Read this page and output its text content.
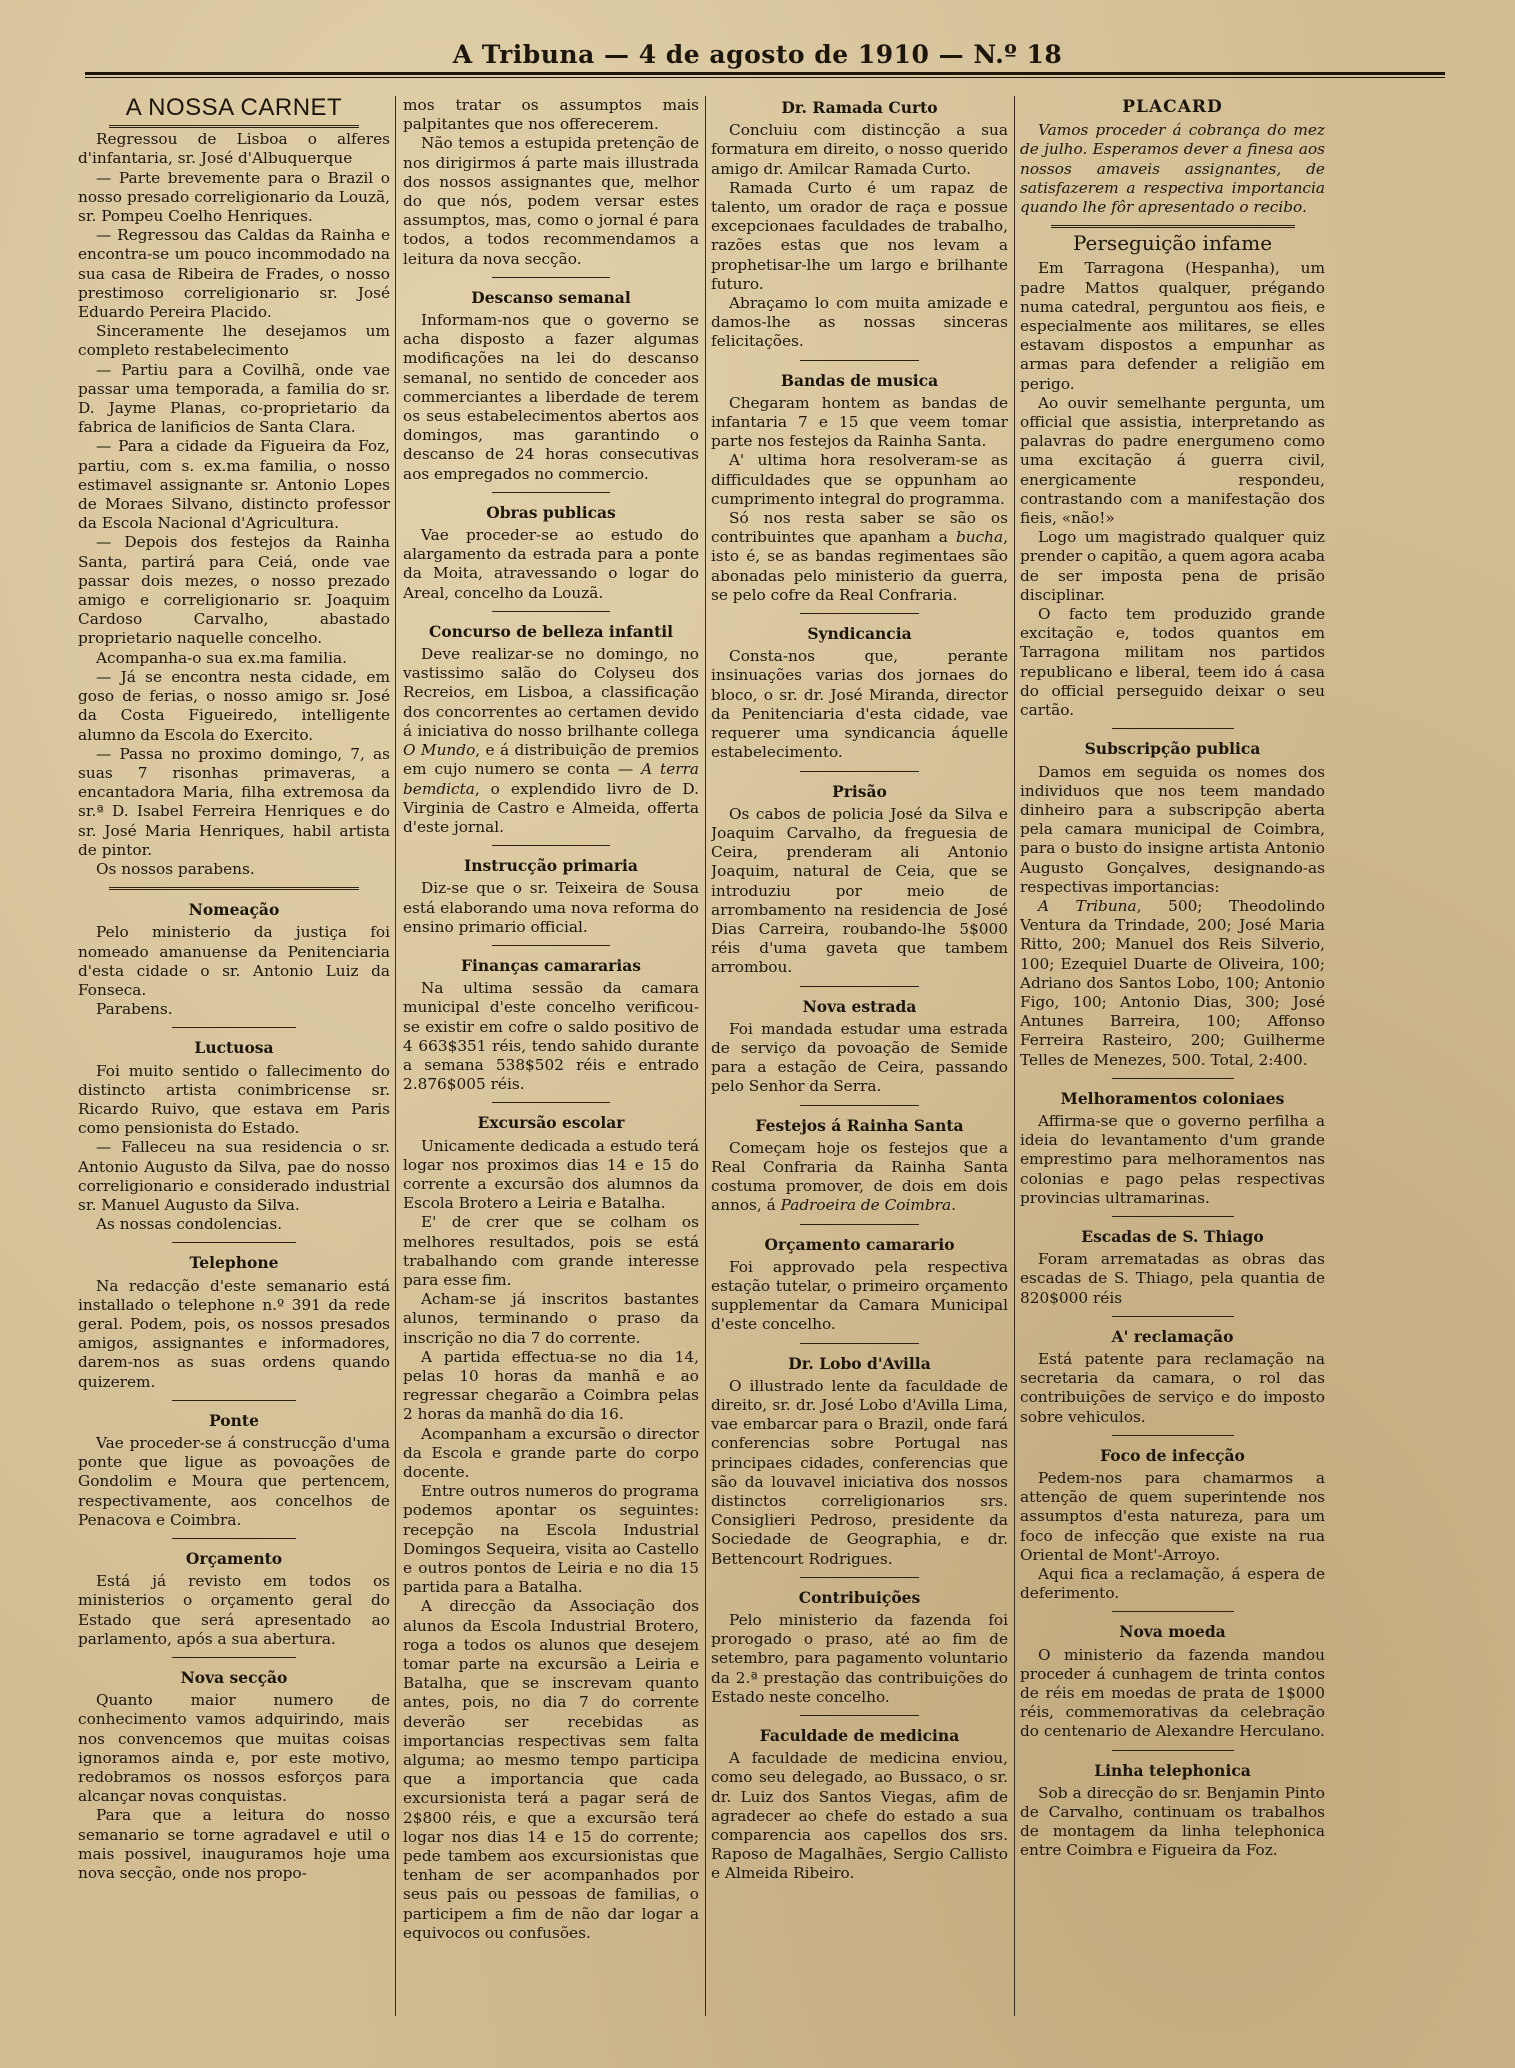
A Tribuna — 4 de agosto de 1910 — N.º 18
A NOSSA CARNET

Regressou de Lisboa o alferes d'infantaria, sr. José d'Albuquerque

— Parte brevemente para o Brazil o nosso presado correligionario da Louzã, sr. Pompeu Coelho Henriques.

— Regressou das Caldas da Rainha e encontra-se um pouco incommodado na sua casa de Ribeira de Frades, o nosso prestimoso correligionario sr. José Eduardo Pereira Placido.

Sinceramente lhe desejamos um completo restabelecimento

— Partiu para a Covilhã, onde vae passar uma temporada, a familia do sr. D. Jayme Planas, co-proprietario da fabrica de lanificios de Santa Clara.

— Para a cidade da Figueira da Foz, partiu, com s. ex.ma familia, o nosso estimavel assignante sr. Antonio Lopes de Moraes Silvano, distincto professor da Escola Nacional d'Agricultura.

— Depois dos festejos da Rainha Santa, partirá para Ceiá, onde vae passar dois mezes, o nosso prezado amigo e correligionario sr. Joaquim Cardoso Carvalho, abastado proprietario naquelle concelho.

Acompanha-o sua ex.ma familia.

— Já se encontra nesta cidade, em goso de ferias, o nosso amigo sr. José da Costa Figueiredo, intelligente alumno da Escola do Exercito.

— Passa no proximo domingo, 7, as suas 7 risonhas primaveras, a encantadora Maria, filha extremosa da sr.ª D. Isabel Ferreira Henriques e do sr. José Maria Henriques, habil artista de pintor.

Os nossos parabens.

Nomeação

Pelo ministerio da justiça foi nomeado amanuense da Penitenciaria d'esta cidade o sr. Antonio Luiz da Fonseca.

Parabens.

Luctuosa

Foi muito sentido o fallecimento do distincto artista conimbricense sr. Ricardo Ruivo, que estava em Paris como pensionista do Estado.

— Falleceu na sua residencia o sr. Antonio Augusto da Silva, pae do nosso correligionario e considerado industrial sr. Manuel Augusto da Silva.

As nossas condolencias.

Telephone

Na redacção d'este semanario está installado o telephone n.º 391 da rede geral. Podem, pois, os nossos presados amigos, assignantes e informadores, darem-nos as suas ordens quando quizerem.

Ponte

Vae proceder-se á construcção d'uma ponte que ligue as povoações de Gondolim e Moura que pertencem, respectivamente, aos concelhos de Penacova e Coimbra.

Orçamento

Está já revisto em todos os ministerios o orçamento geral do Estado que será apresentado ao parlamento, após a sua abertura.

Nova secção

Quanto maior numero de conhecimento vamos adquirindo, mais nos convencemos que muitas coisas ignoramos ainda e, por este motivo, redobramos os nossos esforços para alcançar novas conquistas.

Para que a leitura do nosso semanario se torne agradavel e util o mais possivel, inauguramos hoje uma nova secção, onde nos propo-

mos tratar os assumptos mais palpitantes que nos offerecerem.

Não temos a estupida pretenção de nos dirigirmos á parte mais illustrada dos nossos assignantes que, melhor do que nós, podem versar estes assumptos, mas, como o jornal é para todos, a todos recommendamos a leitura da nova secção.

Descanso semanal

Informam-nos que o governo se acha disposto a fazer algumas modificações na lei do descanso semanal, no sentido de conceder aos commerciantes a liberdade de terem os seus estabelecimentos abertos aos domingos, mas garantindo o descanso de 24 horas consecutivas aos empregados no commercio.

Obras publicas

Vae proceder-se ao estudo do alargamento da estrada para a ponte da Moita, atravessando o logar do Areal, concelho da Louzã.

Concurso de belleza infantil

Deve realizar-se no domingo, no vastissimo salão do Colyseu dos Recreios, em Lisboa, a classificação dos concorrentes ao certamen devido á iniciativa do nosso brilhante collega O Mundo, e á distribuição de premios em cujo numero se conta — A terra bemdicta, o explendido livro de D. Virginia de Castro e Almeida, offerta d'este jornal.

Instrucção primaria

Diz-se que o sr. Teixeira de Sousa está elaborando uma nova reforma do ensino primario official.

Finanças camararias

Na ultima sessão da camara municipal d'este concelho verificou-se existir em cofre o saldo positivo de 4 663$351 réis, tendo sahido durante a semana 538$502 réis e entrado 2.876$005 réis.

Excursão escolar

Unicamente dedicada a estudo terá logar nos proximos dias 14 e 15 do corrente a excursão dos alumnos da Escola Brotero a Leiria e Batalha.

E' de crer que se colham os melhores resultados, pois se está trabalhando com grande interesse para esse fim.

Acham-se já inscritos bastantes alunos, terminando o praso da inscrição no dia 7 do corrente.

A partida effectua-se no dia 14, pelas 10 horas da manhã e ao regressar chegarão a Coimbra pelas 2 horas da manhã do dia 16.

Acompanham a excursão o director da Escola e grande parte do corpo docente.

Entre outros numeros do programa podemos apontar os seguintes: recepção na Escola Industrial Domingos Sequeira, visita ao Castello e outros pontos de Leiria e no dia 15 partida para a Batalha.

A direcção da Associação dos alunos da Escola Industrial Brotero, roga a todos os alunos que desejem tomar parte na excursão a Leiria e Batalha, que se inscrevam quanto antes, pois, no dia 7 do corrente deverão ser recebidas as importancias respectivas sem falta alguma; ao mesmo tempo participa que a importancia que cada excursionista terá a pagar será de 2$800 réis, e que a excursão terá logar nos dias 14 e 15 do corrente; pede tambem aos excursionistas que tenham de ser acompanhados por seus pais ou pessoas de familias, o participem a fim de não dar logar a equivocos ou confusões.

Dr. Ramada Curto

Concluiu com distincção a sua formatura em direito, o nosso querido amigo dr. Amilcar Ramada Curto.

Ramada Curto é um rapaz de talento, um orador de raça e possue excepcionaes faculdades de trabalho, razões estas que nos levam a prophetisar-lhe um largo e brilhante futuro.

Abraçamo lo com muita amizade e damos-lhe as nossas sinceras felicitações.

Bandas de musica

Chegaram hontem as bandas de infantaria 7 e 15 que veem tomar parte nos festejos da Rainha Santa.

A' ultima hora resolveram-se as difficuldades que se oppunham ao cumprimento integral do programma.

Só nos resta saber se são os contribuintes que apanham a bucha, isto é, se as bandas regimentaes são abonadas pelo ministerio da guerra, se pelo cofre da Real Confraria.

Syndicancia

Consta-nos que, perante insinuações varias dos jornaes do bloco, o sr. dr. José Miranda, director da Penitenciaria d'esta cidade, vae requerer uma syndicancia áquelle estabelecimento.

Prisão

Os cabos de policia José da Silva e Joaquim Carvalho, da freguesia de Ceira, prenderam ali Antonio Joaquim, natural de Ceia, que se introduziu por meio de arrombamento na residencia de José Dias Carreira, roubando-lhe 5$000 réis d'uma gaveta que tambem arrombou.

Nova estrada

Foi mandada estudar uma estrada de serviço da povoação de Semide para a estação de Ceira, passando pelo Senhor da Serra.

Festejos á Rainha Santa

Começam hoje os festejos que a Real Confraria da Rainha Santa costuma promover, de dois em dois annos, á Padroeira de Coimbra.

Orçamento camarario

Foi approvado pela respectiva estação tutelar, o primeiro orçamento supplementar da Camara Municipal d'este concelho.

Dr. Lobo d'Avilla

O illustrado lente da faculdade de direito, sr. dr. José Lobo d'Avilla Lima, vae embarcar para o Brazil, onde fará conferencias sobre Portugal nas principaes cidades, conferencias que são da louvavel iniciativa dos nossos distinctos correligionarios srs. Consiglieri Pedroso, presidente da Sociedade de Geographia, e dr. Bettencourt Rodrigues.

Contribuições

Pelo ministerio da fazenda foi prorogado o praso, até ao fim de setembro, para pagamento voluntario da 2.ª prestação das contribuições do Estado neste concelho.

Faculdade de medicina

A faculdade de medicina enviou, como seu delegado, ao Bussaco, o sr. dr. Luiz dos Santos Viegas, afim de agradecer ao chefe do estado a sua comparencia aos capellos dos srs. Raposo de Magalhães, Sergio Callisto e Almeida Ribeiro.

PLACARD

Vamos proceder á cobrança do mez de julho. Esperamos dever a finesa aos nossos amaveis assignantes, de satisfazerem a respectiva importancia quando lhe fôr apresentado o recibo.

Perseguição infame

Em Tarragona (Hespanha), um padre Mattos qualquer, prégando numa catedral, perguntou aos fieis, e especialmente aos militares, se elles estavam dispostos a empunhar as armas para defender a religião em perigo.

Ao ouvir semelhante pergunta, um official que assistia, interpretando as palavras do padre energumeno como uma excitação á guerra civil, energicamente respondeu, contrastando com a manifestação dos fieis, «não!»

Logo um magistrado qualquer quiz prender o capitão, a quem agora acaba de ser imposta pena de prisão disciplinar.

O facto tem produzido grande excitação e, todos quantos em Tarragona militam nos partidos republicano e liberal, teem ido á casa do official perseguido deixar o seu cartão.

Subscripção publica

Damos em seguida os nomes dos individuos que nos teem mandado dinheiro para a subscripção aberta pela camara municipal de Coimbra, para o busto do insigne artista Antonio Augusto Gonçalves, designando-as respectivas importancias:

A Tribuna, 500; Theodolindo Ventura da Trindade, 200; José Maria Ritto, 200; Manuel dos Reis Silverio, 100; Ezequiel Duarte de Oliveira, 100; Adriano dos Santos Lobo, 100; Antonio Figo, 100; Antonio Dias, 300; José Antunes Barreira, 100; Affonso Ferreira Rasteiro, 200; Guilherme Telles de Menezes, 500. Total, 2:400.

Melhoramentos coloniaes

Affirma-se que o governo perfilha a ideia do levantamento d'um grande emprestimo para melhoramentos nas colonias e pago pelas respectivas provincias ultramarinas.

Escadas de S. Thiago

Foram arrematadas as obras das escadas de S. Thiago, pela quantia de 820$000 réis

A' reclamação

Está patente para reclamação na secretaria da camara, o rol das contribuições de serviço e do imposto sobre vehiculos.

Foco de infecção

Pedem-nos para chamarmos a attenção de quem superintende nos assumptos d'esta natureza, para um foco de infecção que existe na rua Oriental de Mont'-Arroyo.

Aqui fica a reclamação, á espera de deferimento.

Nova moeda

O ministerio da fazenda mandou proceder á cunhagem de trinta contos de réis em moedas de prata de 1$000 réis, commemorativas da celebração do centenario de Alexandre Herculano.

Linha telephonica

Sob a direcção do sr. Benjamin Pinto de Carvalho, continuam os trabalhos de montagem da linha telephonica entre Coimbra e Figueira da Foz.
